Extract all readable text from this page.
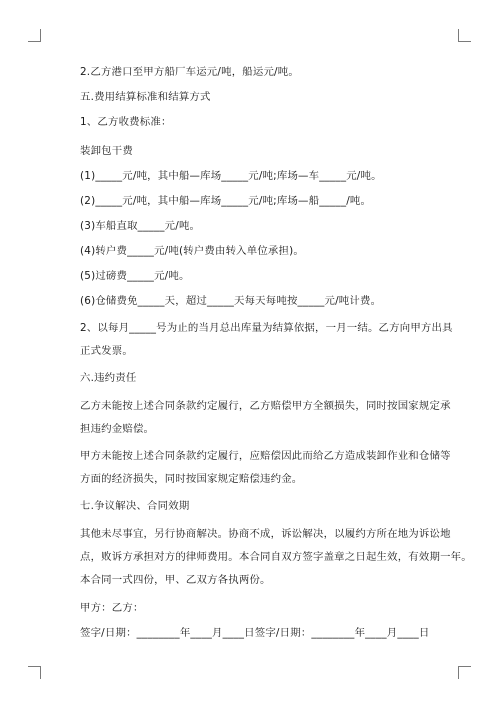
2.乙方港口至甲方船厂车运元/吨，船运元/吨。
五.费用结算标准和结算方式
1、乙方收费标准：
装卸包干费
(1)_____元/吨，其中船—库场_____元/吨;库场—车_____元/吨。
(2)_____元/吨，其中船—库场_____元/吨;库场—船_____/吨。
(3)车船直取_____元/吨。
(4)转户费_____元/吨(转户费由转入单位承担)。
(5)过磅费_____元/吨。
(6)仓储费免_____天，超过_____天每天每吨按_____元/吨计费。
2、以每月_____号为止的当月总出库量为结算依据，一月一结。乙方向甲方出具
正式发票。
六.违约责任
乙方未能按上述合同条款约定履行，乙方赔偿甲方全额损失，同时按国家规定承
担违约金赔偿。
甲方未能按上述合同条款约定履行，应赔偿因此而给乙方造成装卸作业和仓储等
方面的经济损失，同时按国家规定赔偿违约金。
七.争议解决、合同效期
其他未尽事宜，另行协商解决。协商不成，诉讼解决，以履约方所在地为诉讼地
点，败诉方承担对方的律师费用。本合同自双方签字盖章之日起生效，有效期一年。
本合同一式四份，甲、乙双方各执两份。
甲方：乙方：
签字/日期：________年____月____日签字/日期：________年____月____日
